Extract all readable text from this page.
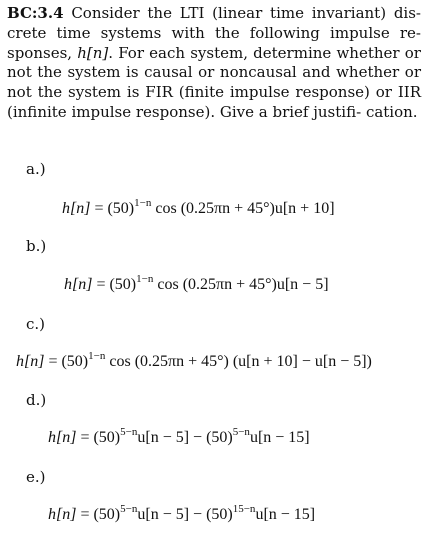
BC:3.4 Consider the LTI (linear time invariant) dis- crete time systems with the following impulse re- sponses, h[n]. For each system, determine whether or not the system is causal or noncausal and whether or not the system is FIR (finite impulse response) or IIR (infinite impulse response). Give a brief justifi- cation.

a.)
$h[n] = (50)^{1-n}$ cos (0.25πn + 45°)u[n + 10]
b.)
$h[n] = (50)^{1-n}$ cos (0.25πn + 45°)u[n − 5]
c.)
$h[n] = (50)^{1-n}$ cos (0.25πn + 45°) (u[n + 10] − u[n − 5])
d.)
$h[n] = (50)^{5-n}u[n - 5] - (50)^{5-n}u[n - 15]$
e.)
$h[n] = (50)^{5-n}u[n - 5] - (50)^{15-n}u[n - 15]$
